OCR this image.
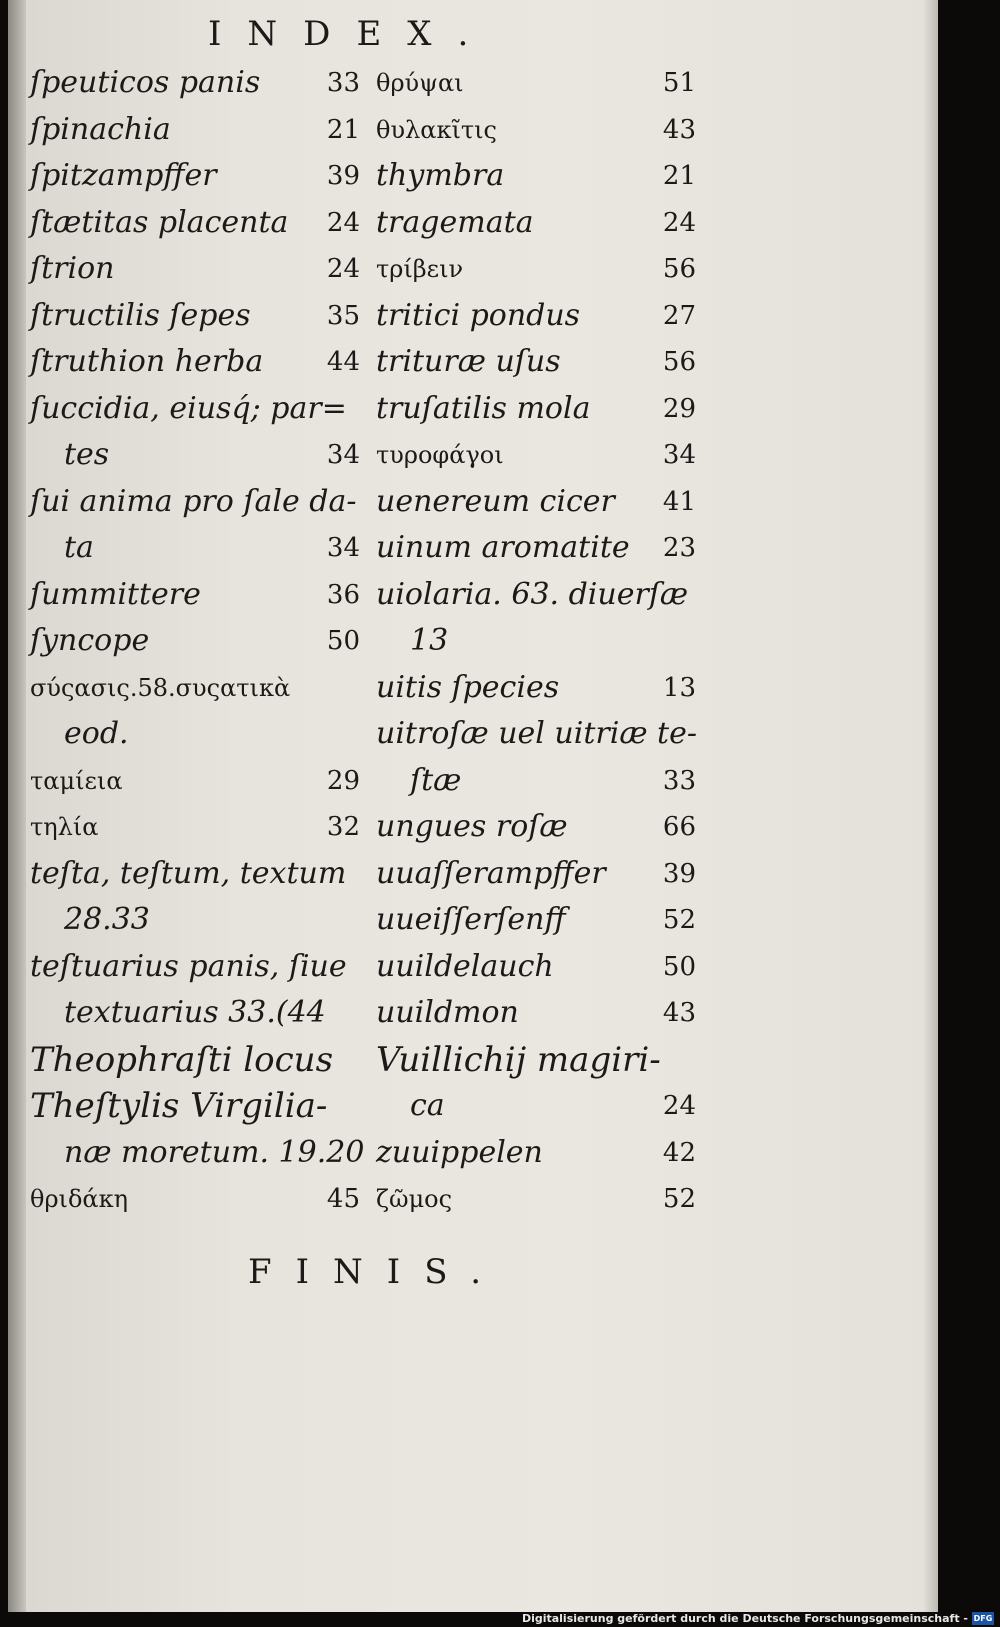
INDEX.
ſpeuticos panis	33
ſpinachia	21
ſpitzampffer	39
ſtætitas placenta 24
ſtrion	24
ſtructilis ſepes	35
ſtruthion herba 44
ſuccidia, eiusq́; par=
tes	34
ſui anima pro ſale da‑
ta	34
ſummittere	36
ſyncope	50
σύςασις.58.συςατικὰ
eod.
ταμίεια	29
τηλία	32
teſta, teſtum, textum
28.33
teſtuarius panis, ſiue
textuarius 33.(44
Theophraſti locus
Theſtylis Virgilia‑
næ moretum. 19.20
θριδάκη	45
θρύψαι	51
θυλακῖτις	43
thymbra	21
tragemata	24
τρίβειν	56
tritici pondus	27
trituræ uſus	56
truſatilis mola	29
τυροφάγοι	34
uenereum cicer 41
uinum aromatite 23
uiolaria. 63. diuerſæ
13
uitis ſpecies	13
uitroſæ uel uitriæ te‑
ſtæ	33
ungues roſæ	66
uuaſſerampffer 39
uueiſſerſenff	52
uuildelauch	50
uuildmon	43
Vuillichij magiri‑
ca	24
zuuippelen	42
ζῶμος	52
FINIS.
Digitalisierung gefördert durch die Deutsche Forschungsgemeinschaft - DFG
